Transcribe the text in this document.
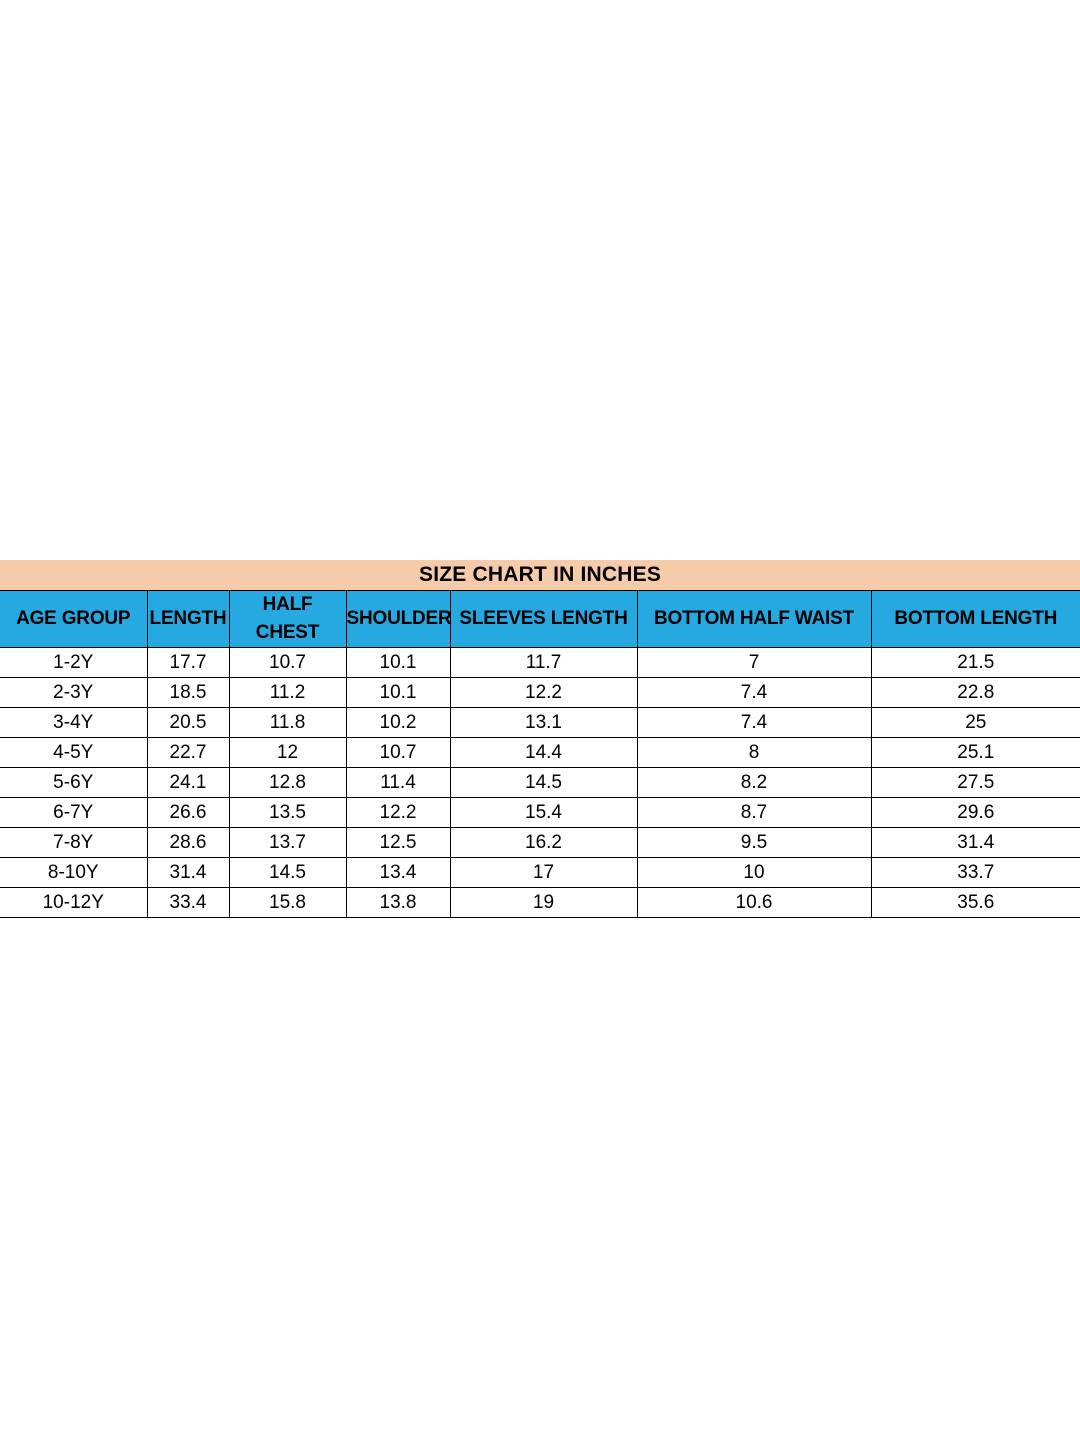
SIZE CHART IN INCHES						
AGE GROUP	LENGTH	HALF CHEST	SHOULDER	SLEEVES LENGTH	BOTTOM HALF WAIST	BOTTOM LENGTH
1-2Y	17.7	10.7	10.1	11.7	7	21.5
2-3Y	18.5	11.2	10.1	12.2	7.4	22.8
3-4Y	20.5	11.8	10.2	13.1	7.4	25
4-5Y	22.7	12	10.7	14.4	8	25.1
5-6Y	24.1	12.8	11.4	14.5	8.2	27.5
6-7Y	26.6	13.5	12.2	15.4	8.7	29.6
7-8Y	28.6	13.7	12.5	16.2	9.5	31.4
8-10Y	31.4	14.5	13.4	17	10	33.7
10-12Y	33.4	15.8	13.8	19	10.6	35.6
